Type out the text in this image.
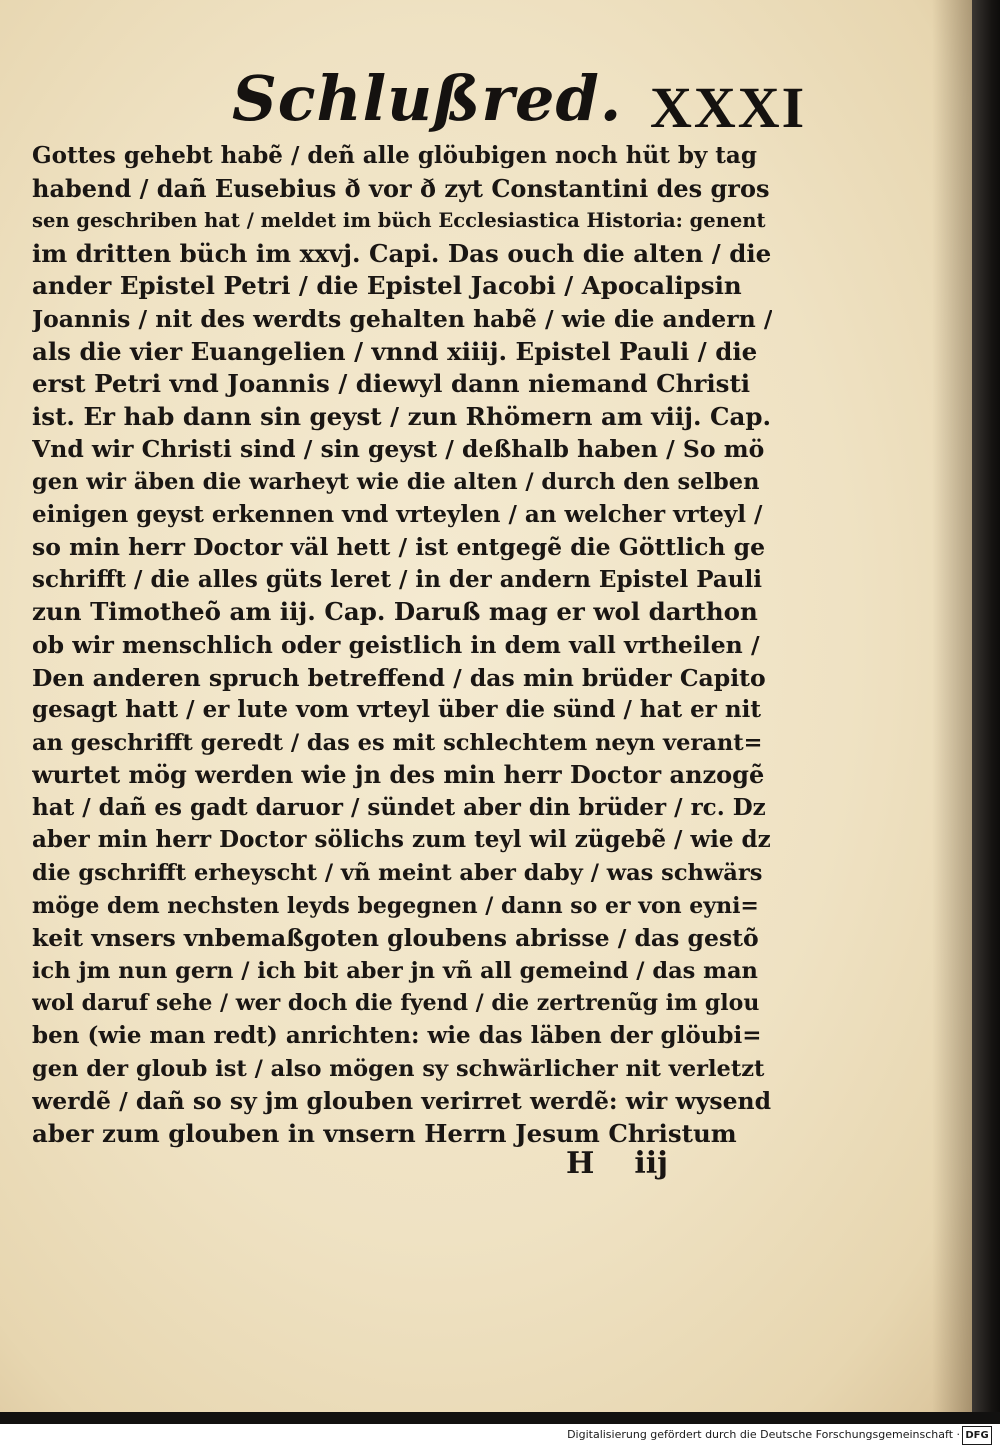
Schlußred. XXXI
Gottes gehebt habẽ / deñ alle glöubigen noch hüt by tag
habend / dañ Eusebius ð vor ð zyt Constantini des gros
sen geschriben hat / meldet im büch Ecclesiastica Historia: genent
im dritten büch im xxvj. Capi. Das ouch die alten / die
ander Epistel Petri / die Epistel Jacobi / Apocalipsin
Joannis / nit des werdts gehalten habẽ / wie die andern /
als die vier Euangelien / vnnd xiiij. Epistel Pauli / die
erst Petri vnd Joannis / diewyl dann niemand Christi
ist. Er hab dann sin geyst / zun Rhömern am viij. Cap.
Vnd wir Christi sind / sin geyst / deßhalb haben / So mö
gen wir äben die warheyt wie die alten / durch den selben
einigen geyst erkennen vnd vrteylen / an welcher vrteyl /
so min herr Doctor väl hett / ist entgegẽ die Göttlich ge
schrifft / die alles güts leret / in der andern Epistel Pauli
zun Timotheõ am iij. Cap. Daruß mag er wol darthon
ob wir menschlich oder geistlich in dem vall vrtheilen /
Den anderen spruch betreffend / das min brüder Capito
gesagt hatt / er lute vom vrteyl über die sünd / hat er nit
an geschrifft geredt / das es mit schlechtem neyn verant=
wurtet mög werden wie jn des min herr Doctor anzogẽ
hat / dañ es gadt daruor / sündet aber din brüder / rc. Dz
aber min herr Doctor sölichs zum teyl wil zügebẽ / wie dz
die gschrifft erheyscht / vñ meint aber daby / was schwärs
möge dem nechsten leyds begegnen / dann so er von eyni=
keit vnsers vnbemaßgoten gloubens abrisse / das gestõ
ich jm nun gern / ich bit aber jn vñ all gemeind / das man
wol daruf sehe / wer doch die fyend / die zertrenũg im glou
ben (wie man redt) anrichten: wie das läben der glöubi=
gen der gloub ist / also mögen sy schwärlicher nit verletzt
werdẽ / dañ so sy jm glouben verirret werdẽ: wir wysend
aber zum glouben in vnsern Herrn Jesum Christum
H iij
Digitalisierung gefördert durch die Deutsche Forschungsgemeinschaft · DFG
